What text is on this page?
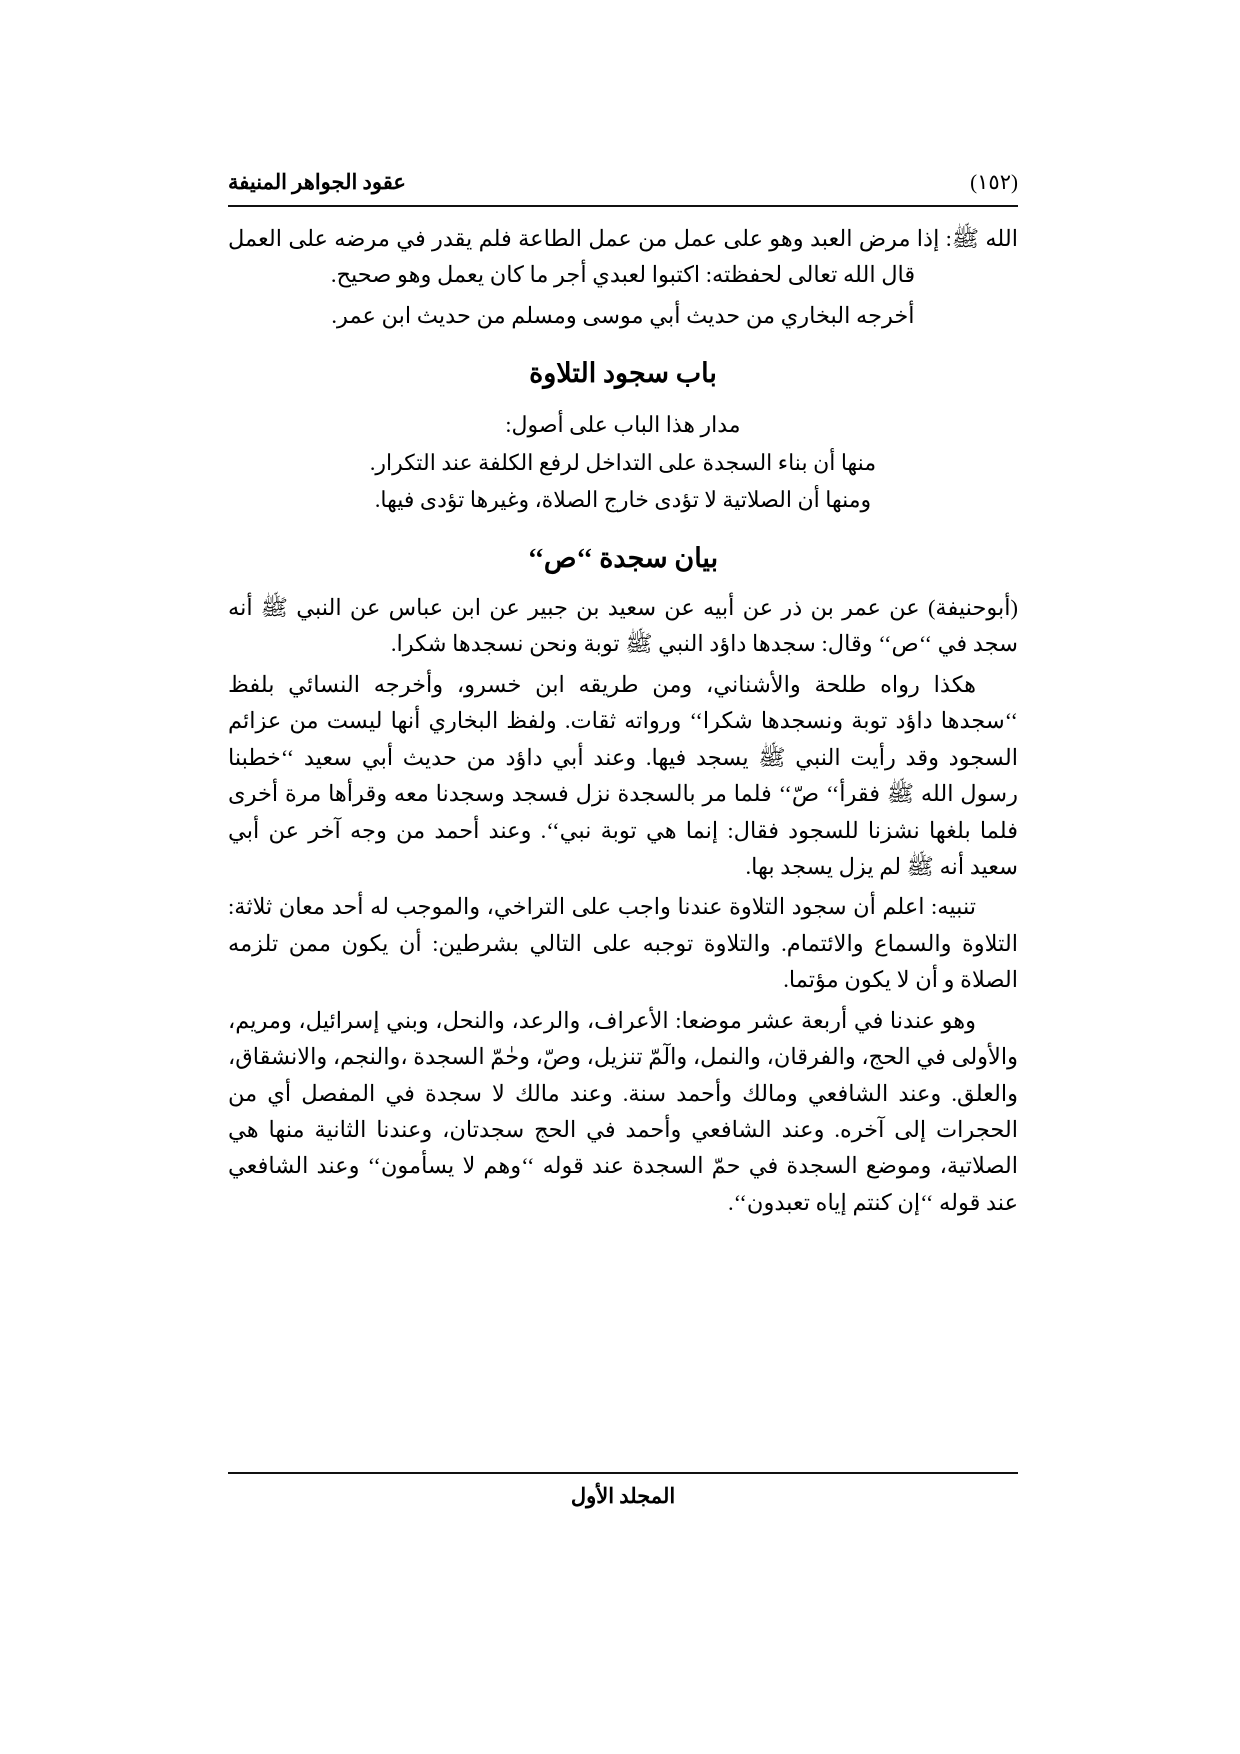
عقود الجواهر المنيفة	(١٥٢)

الله ﷺ: إذا مرض العبد وهو على عمل من عمل الطاعة فلم يقدر في مرضه على العمل قال الله تعالى لحفظته: اكتبوا لعبدي أجر ما كان يعمل وهو صحيح.

أخرجه البخاري من حديث أبي موسى ومسلم من حديث ابن عمر.

باب سجود التلاوة

مدار هذا الباب على أصول:

منها أن بناء السجدة على التداخل لرفع الكلفة عند التكرار.

ومنها أن الصلاتية لا تؤدى خارج الصلاة، وغيرها تؤدى فيها.

بيان سجدة ‘‘ص‘‘

(أبوحنيفة) عن عمر بن ذر عن أبيه عن سعيد بن جبير عن ابن عباس عن النبي ﷺ أنه سجد في ‘‘ص‘‘ وقال: سجدها داؤد النبي ﷺ توبة ونحن نسجدها شكرا.

هكذا رواه طلحة والأشناني، ومن طريقه ابن خسرو، وأخرجه النسائي بلفظ ‘‘سجدها داؤد توبة ونسجدها شكرا‘‘ ورواته ثقات. ولفظ البخاري أنها ليست من عزائم السجود وقد رأيت النبي ﷺ يسجد فيها. وعند أبي داؤد من حديث أبي سعيد ‘‘خطبنا رسول الله ﷺ فقرأ‘‘ صّ‘‘ فلما مر بالسجدة نزل فسجد وسجدنا معه وقرأها مرة أخرى فلما بلغها نشزنا للسجود فقال: إنما هي توبة نبي‘‘. وعند أحمد من وجه آخر عن أبي سعيد أنه ﷺ لم يزل يسجد بها.

تنبيه: اعلم أن سجود التلاوة عندنا واجب على التراخي، والموجب له أحد معان ثلاثة: التلاوة والسماع والائتمام. والتلاوة توجبه على التالي بشرطين: أن يكون ممن تلزمه الصلاة و أن لا يكون مؤتما.

وهو عندنا في أربعة عشر موضعا: الأعراف، والرعد، والنحل، وبني إسرائيل، ومريم، والأولى في الحج، والفرقان، والنمل، والٓمّ تنزيل، وصّ، وحٰمّ السجدة ،والنجم، والانشقاق، والعلق. وعند الشافعي ومالك وأحمد سنة. وعند مالك لا سجدة في المفصل أي من الحجرات إلى آخره. وعند الشافعي وأحمد في الحج سجدتان، وعندنا الثانية منها هي الصلاتية، وموضع السجدة في حمّ السجدة عند قوله ‘‘وهم لا يسأمون‘‘ وعند الشافعي عند قوله ‘‘إن كنتم إياه تعبدون‘‘.

المجلد الأول
